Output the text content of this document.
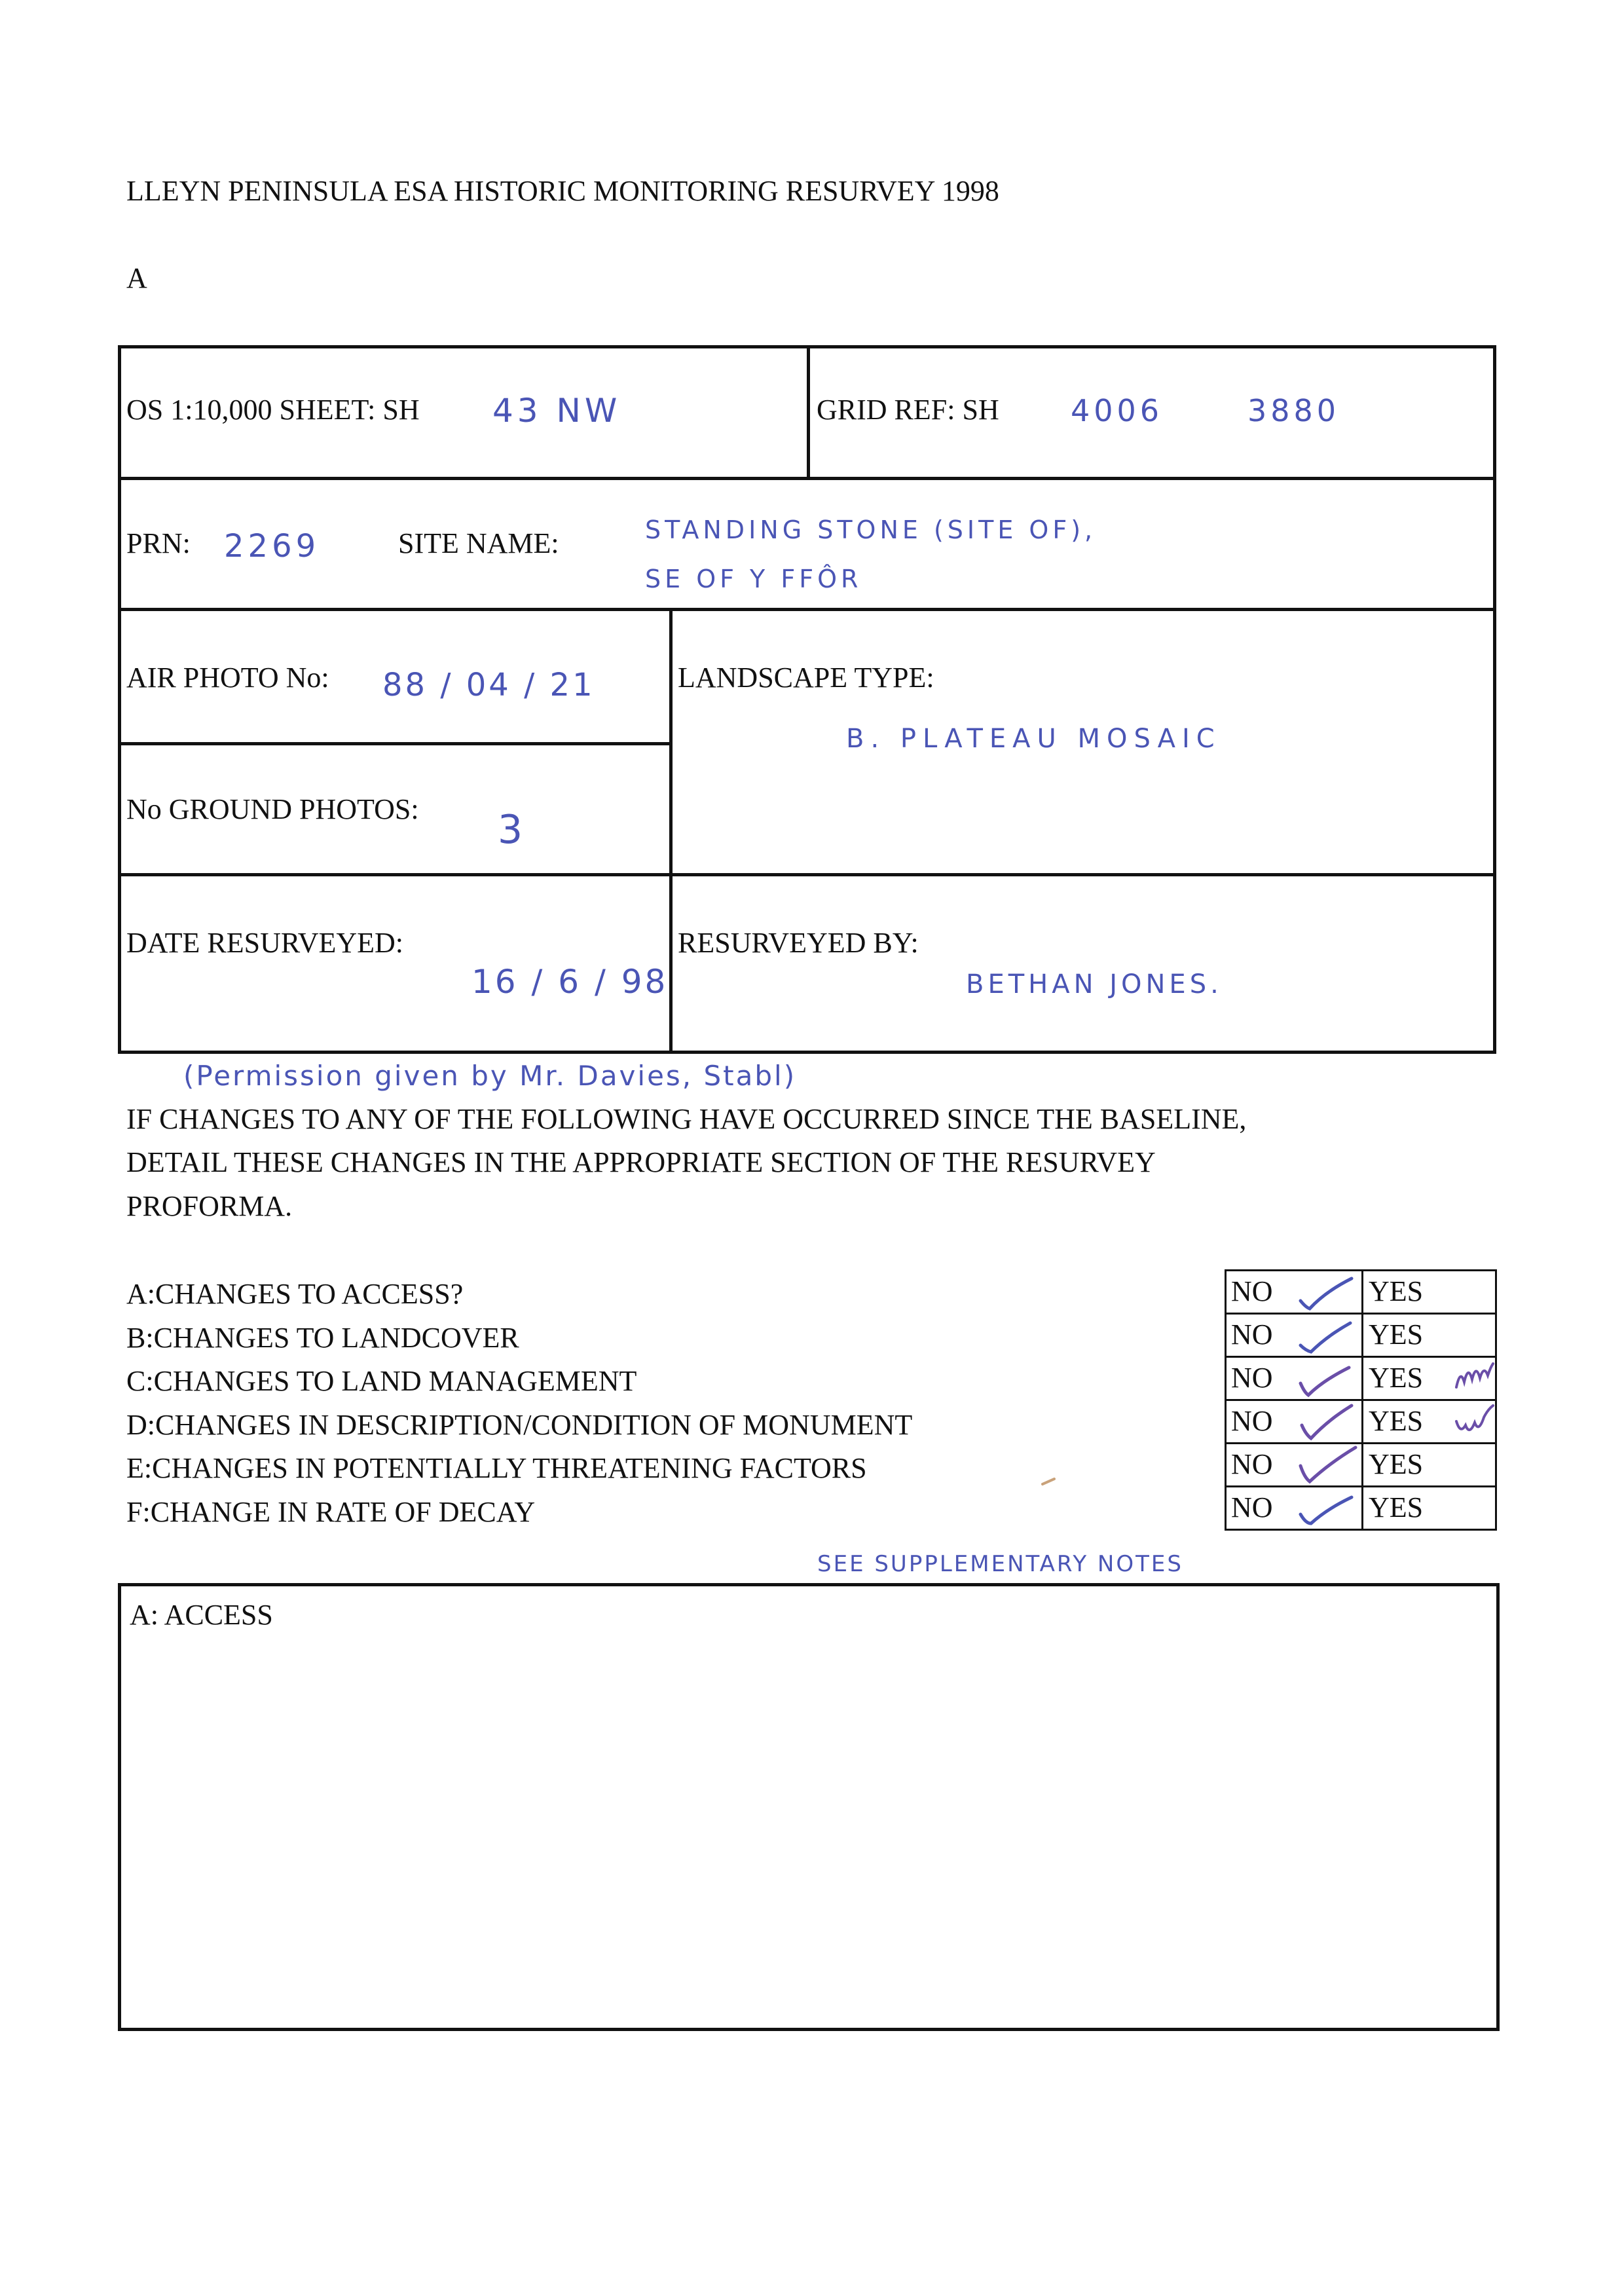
LLEYN PENINSULA ESA HISTORIC MONITORING RESURVEY 1998
A
OS 1:10,000 SHEET: SH 43 NW	GRID REF: SH 4006	3880
PRN: 2269	SITE NAME:	STANDING STONE (SITE OF),
SE OF Y FFÔR
AIR PHOTO No: 88 / 04 / 21	LANDSCAPE TYPE:
B. PLATEAU MOSAIC
No GROUND PHOTOS: 3
DATE RESURVEYED:
16 / 6 / 98
RESURVEYED BY:
BETHAN JONES.
(Permission given by Mr. Davies, Stabl)
IF CHANGES TO ANY OF THE FOLLOWING HAVE OCCURRED SINCE THE BASELINE,
DETAIL THESE CHANGES IN THE APPROPRIATE SECTION OF THE RESURVEY
PROFORMA.
A:CHANGES TO ACCESS?
B:CHANGES TO LANDCOVER
C:CHANGES TO LAND MANAGEMENT
D:CHANGES IN DESCRIPTION/CONDITION OF MONUMENT
E:CHANGES IN POTENTIALLY THREATENING FACTORS
F:CHANGE IN RATE OF DECAY
NO	YES
NO	YES
NO	YES
NO	YES
NO	YES
NO	YES
SEE SUPPLEMENTARY NOTES
A: ACCESS
